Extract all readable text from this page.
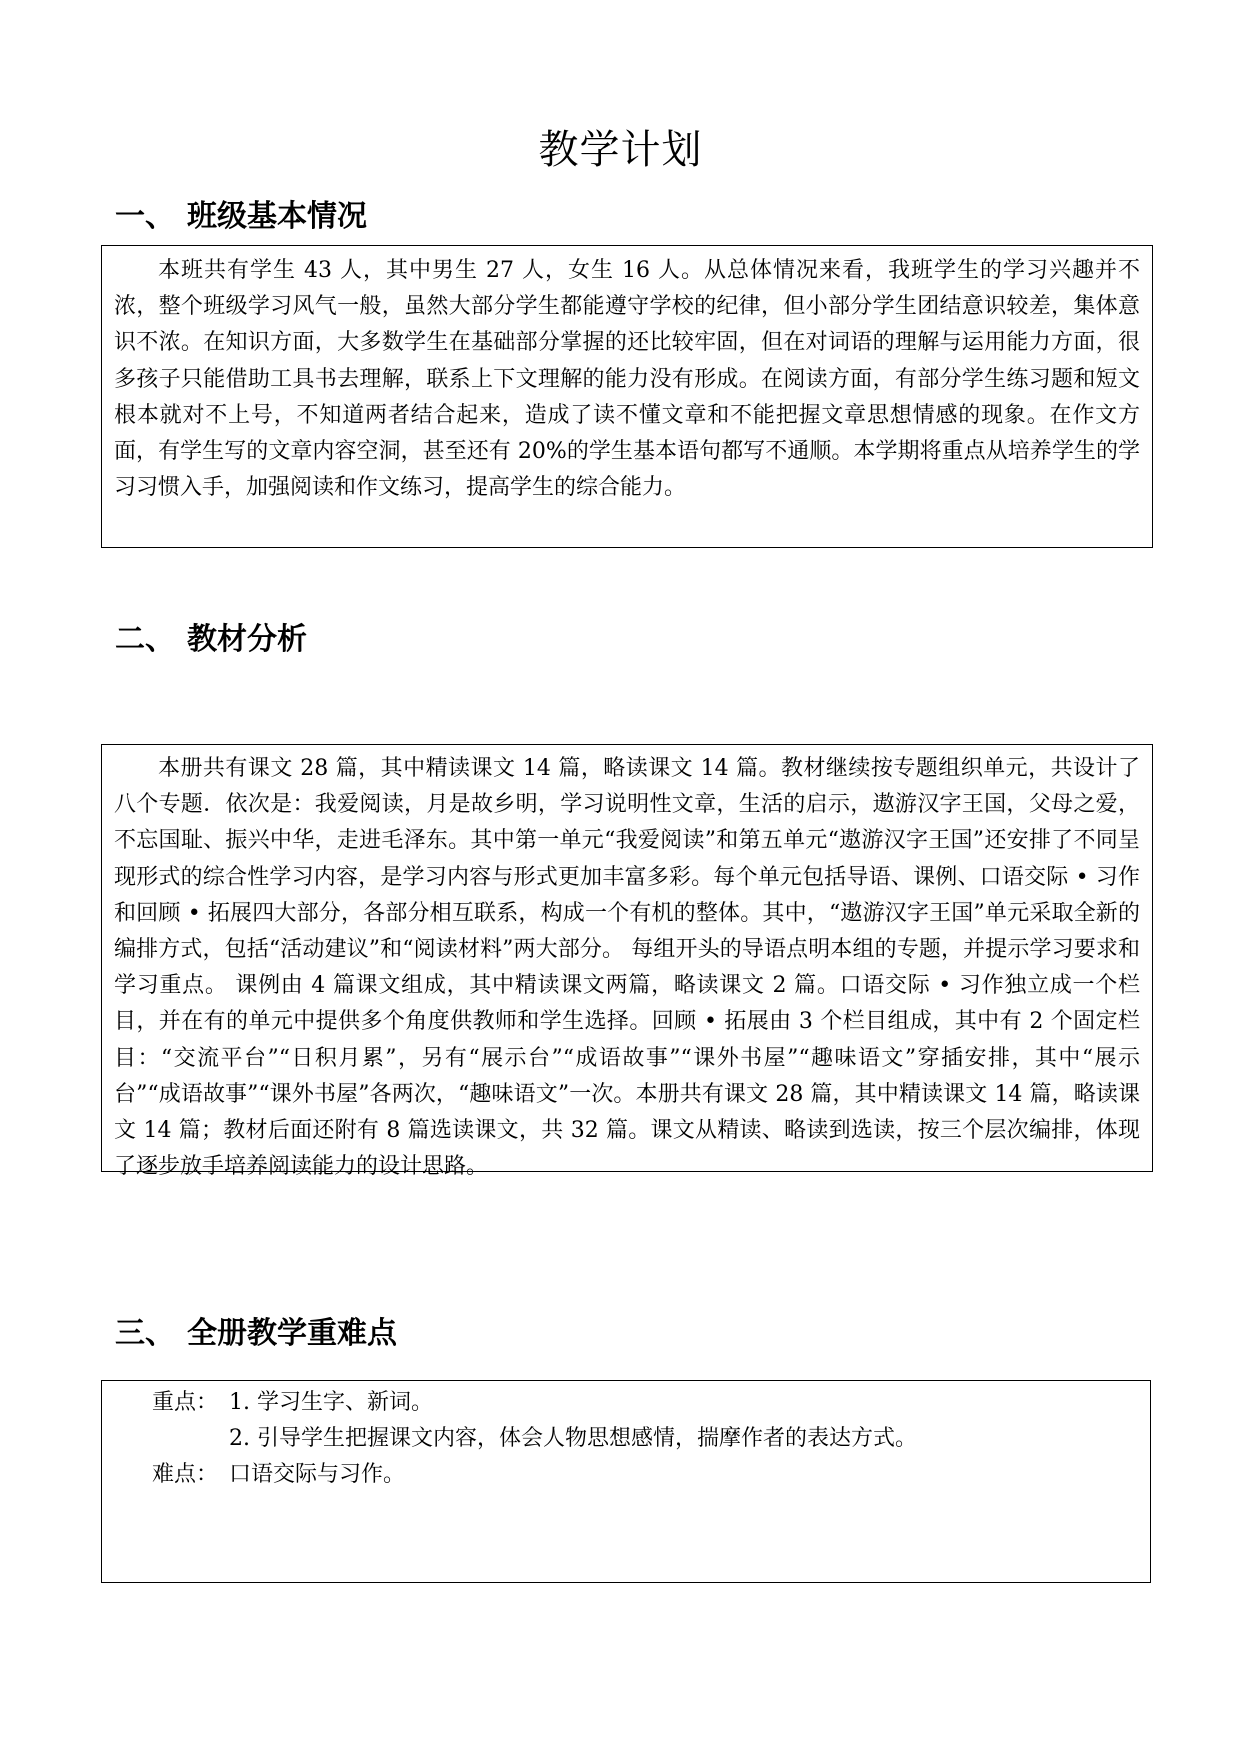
教学计划
一、 班级基本情况

本班共有学生 43 人，其中男生 27 人，女生 16 人。从总体情况来看，我班学生的学习兴趣并不浓，整个班级学习风气一般，虽然大部分学生都能遵守学校的纪律，但小部分学生团结意识较差，集体意识不浓。在知识方面，大多数学生在基础部分掌握的还比较牢固，但在对词语的理解与运用能力方面，很多孩子只能借助工具书去理解，联系上下文理解的能力没有形成。在阅读方面，有部分学生练习题和短文根本就对不上号，不知道两者结合起来，造成了读不懂文章和不能把握文章思想情感的现象。在作文方面，有学生写的文章内容空洞，甚至还有 20%的学生基本语句都写不通顺。本学期将重点从培养学生的学习习惯入手，加强阅读和作文练习，提高学生的综合能力。

二、 教材分析

本册共有课文 28 篇，其中精读课文 14 篇，略读课文 14 篇。教材继续按专题组织单元，共设计了八个专题．依次是：我爱阅读，月是故乡明，学习说明性文章，生活的启示，遨游汉字王国，父母之爱，不忘国耻、振兴中华，走进毛泽东。其中第一单元“我爱阅读”和第五单元“遨游汉字王国”还安排了不同呈现形式的综合性学习内容，是学习内容与形式更加丰富多彩。每个单元包括导语、课例、口语交际 • 习作和回顾 • 拓展四大部分，各部分相互联系，构成一个有机的整体。其中，“遨游汉字王国”单元采取全新的编排方式，包括“活动建议”和“阅读材料”两大部分。 每组开头的导语点明本组的专题，并提示学习要求和学习重点。 课例由 4 篇课文组成，其中精读课文两篇，略读课文 2 篇。口语交际 • 习作独立成一个栏目，并在有的单元中提供多个角度供教师和学生选择。回顾 • 拓展由 3 个栏目组成，其中有 2 个固定栏目：“交流平台”“日积月累”，另有“展示台”“成语故事”“课外书屋”“趣味语文”穿插安排，其中“展示台”“成语故事”“课外书屋”各两次，“趣味语文”一次。本册共有课文 28 篇，其中精读课文 14 篇，略读课文 14 篇；教材后面还附有 8 篇选读课文，共 32 篇。课文从精读、略读到选读，按三个层次编排，体现了逐步放手培养阅读能力的设计思路。

三、 全册教学重难点
重点： 1. 学习生字、新词。
2. 引导学生把握课文内容，体会人物思想感情，揣摩作者的表达方式。
难点： 口语交际与习作。
